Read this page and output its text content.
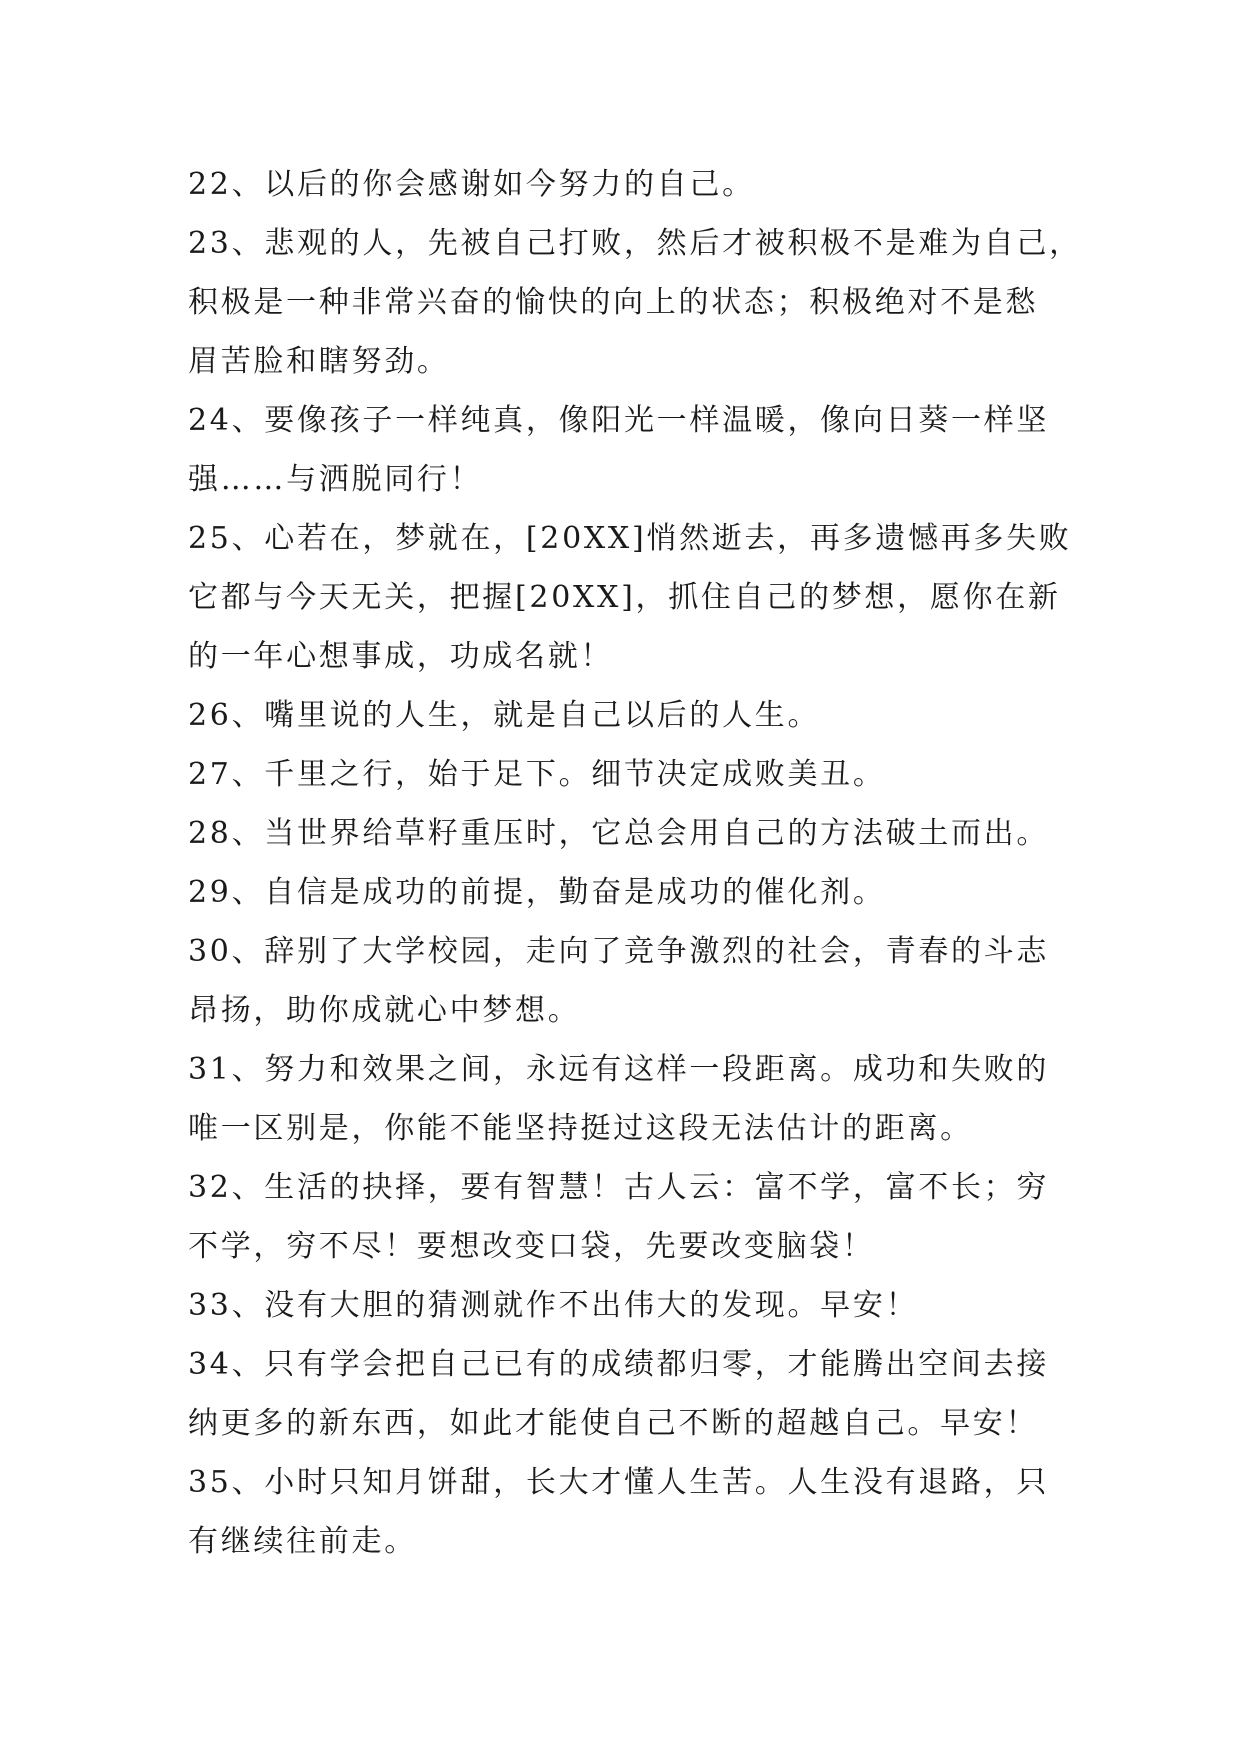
22、以后的你会感谢如今努力的自己。
23、悲观的人，先被自己打败，然后才被积极不是难为自己，
积极是一种非常兴奋的愉快的向上的状态；积极绝对不是愁
眉苦脸和瞎努劲。
24、要像孩子一样纯真，像阳光一样温暖，像向日葵一样坚
强……与洒脱同行！
25、心若在，梦就在，[20XX]悄然逝去，再多遗憾再多失败
它都与今天无关，把握[20XX]，抓住自己的梦想，愿你在新
的一年心想事成，功成名就！
26、嘴里说的人生，就是自己以后的人生。
27、千里之行，始于足下。细节决定成败美丑。
28、当世界给草籽重压时，它总会用自己的方法破土而出。
29、自信是成功的前提，勤奋是成功的催化剂。
30、辞别了大学校园，走向了竞争激烈的社会，青春的斗志
昂扬，助你成就心中梦想。
31、努力和效果之间，永远有这样一段距离。成功和失败的
唯一区别是，你能不能坚持挺过这段无法估计的距离。
32、生活的抉择，要有智慧！古人云：富不学，富不长；穷
不学，穷不尽！要想改变口袋，先要改变脑袋！
33、没有大胆的猜测就作不出伟大的发现。早安！
34、只有学会把自己已有的成绩都归零，才能腾出空间去接
纳更多的新东西，如此才能使自己不断的超越自己。早安！
35、小时只知月饼甜，长大才懂人生苦。人生没有退路，只
有继续往前走。
